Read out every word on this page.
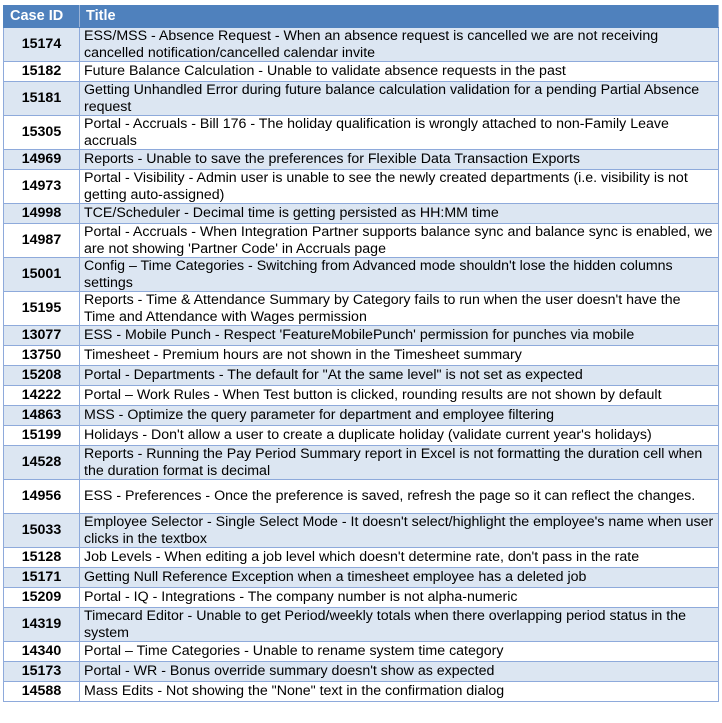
Case ID	Title
15174	ESS/MSS - Absence Request - When an absence request is cancelled we are not receiving cancelled notification/cancelled calendar invite
15182	Future Balance Calculation - Unable to validate absence requests in the past
15181	Getting Unhandled Error during future balance calculation validation for a pending Partial Absence request
15305	Portal - Accruals - Bill 176 - The holiday qualification is wrongly attached to non-Family Leave accruals
14969	Reports - Unable to save the preferences for Flexible Data Transaction Exports
14973	Portal - Visibility - Admin user is unable to see the newly created departments (i.e. visibility is not getting auto-assigned)
14998	TCE/Scheduler - Decimal time is getting persisted as HH:MM time
14987	Portal - Accruals - When Integration Partner supports balance sync and balance sync is enabled, we are not showing 'Partner Code' in Accruals page
15001	Config – Time Categories - Switching from Advanced mode shouldn't lose the hidden columns settings
15195	Reports - Time & Attendance Summary by Category fails to run when the user doesn't have the Time and Attendance with Wages permission
13077	ESS - Mobile Punch - Respect 'FeatureMobilePunch' permission for punches via mobile
13750	Timesheet - Premium hours are not shown in the Timesheet summary
15208	Portal - Departments - The default for "At the same level" is not set as expected
14222	Portal – Work Rules - When Test button is clicked, rounding results are not shown by default
14863	MSS - Optimize the query parameter for department and employee filtering
15199	Holidays - Don't allow a user to create a duplicate holiday (validate current year's holidays)
14528	Reports - Running the Pay Period Summary report in Excel is not formatting the duration cell when the duration format is decimal
14956	ESS - Preferences - Once the preference is saved, refresh the page so it can reflect the changes.
15033	Employee Selector - Single Select Mode - It doesn't select/highlight the employee's name when user clicks in the textbox
15128	Job Levels - When editing a job level which doesn't determine rate, don't pass in the rate
15171	Getting Null Reference Exception when a timesheet employee has a deleted job
15209	Portal - IQ - Integrations - The company number is not alpha-numeric
14319	Timecard Editor - Unable to get Period/weekly totals when there overlapping period status in the system
14340	Portal – Time Categories - Unable to rename system time category
15173	Portal - WR - Bonus override summary doesn't show as expected
14588	Mass Edits - Not showing the "None" text in the confirmation dialog
